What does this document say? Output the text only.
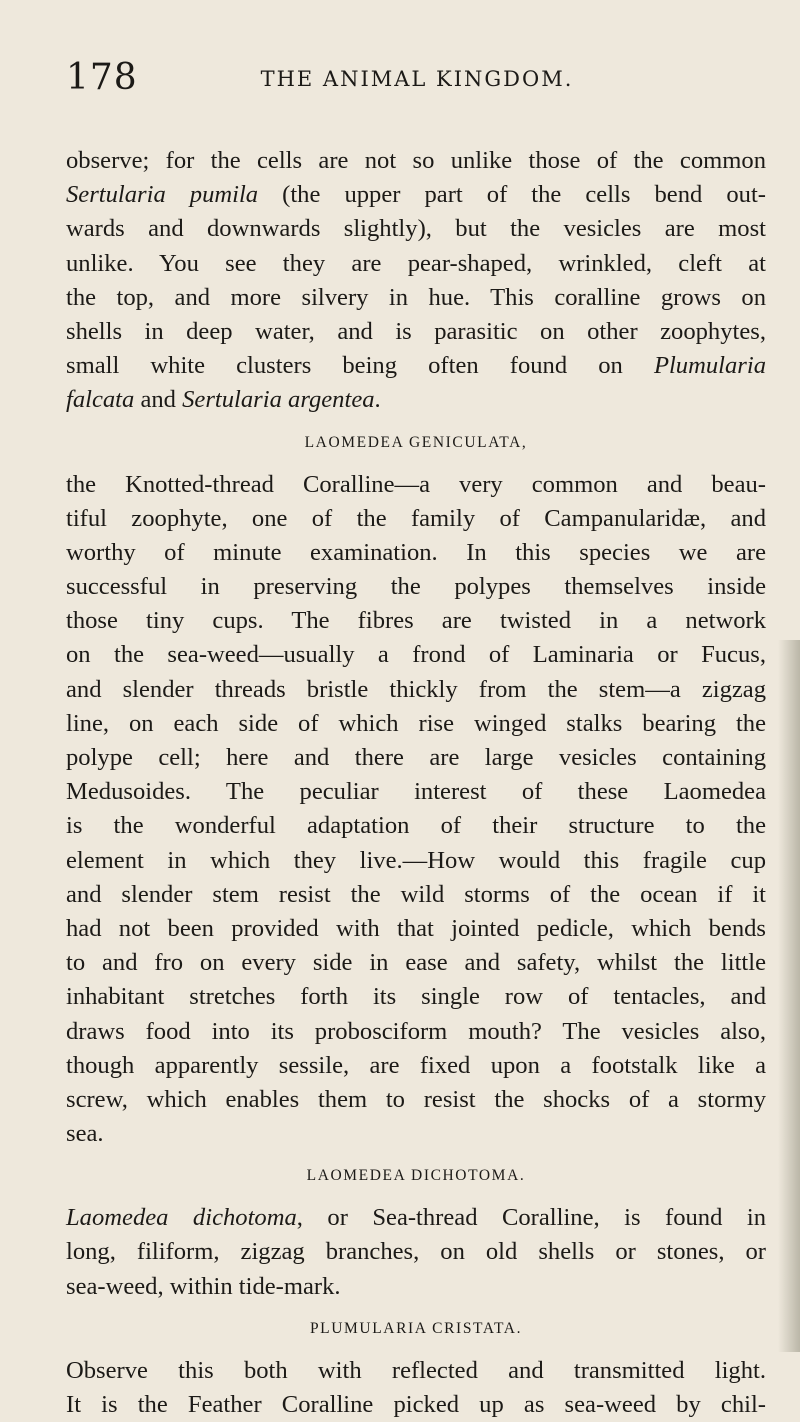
178	THE ANIMAL KINGDOM.
observe; for the cells are not so unlike those of the common
Sertularia pumila (the upper part of the cells bend out-
wards and downwards slightly), but the vesicles are most
unlike. You see they are pear-shaped, wrinkled, cleft at
the top, and more silvery in hue. This coralline grows on
shells in deep water, and is parasitic on other zoophytes,
small white clusters being often found on Plumularia
falcata and Sertularia argentea.
LAOMEDEA GENICULATA,
the Knotted-thread Coralline—a very common and beau-
tiful zoophyte, one of the family of Campanularidæ, and
worthy of minute examination. In this species we are
successful in preserving the polypes themselves inside
those tiny cups. The fibres are twisted in a network
on the sea-weed—usually a frond of Laminaria or Fucus,
and slender threads bristle thickly from the stem—a zigzag
line, on each side of which rise winged stalks bearing the
polype cell; here and there are large vesicles containing
Medusoides. The peculiar interest of these Laomedea
is the wonderful adaptation of their structure to the
element in which they live.—How would this fragile cup
and slender stem resist the wild storms of the ocean if it
had not been provided with that jointed pedicle, which bends
to and fro on every side in ease and safety, whilst the little
inhabitant stretches forth its single row of tentacles, and
draws food into its probosciform mouth? The vesicles also,
though apparently sessile, are fixed upon a footstalk like a
screw, which enables them to resist the shocks of a stormy
sea.
LAOMEDEA DICHOTOMA.
Laomedea dichotoma, or Sea-thread Coralline, is found in
long, filiform, zigzag branches, on old shells or stones, or
sea-weed, within tide-mark.
PLUMULARIA CRISTATA.
Observe this both with reflected and transmitted light.
It is the Feather Coralline picked up as sea-weed by chil-
